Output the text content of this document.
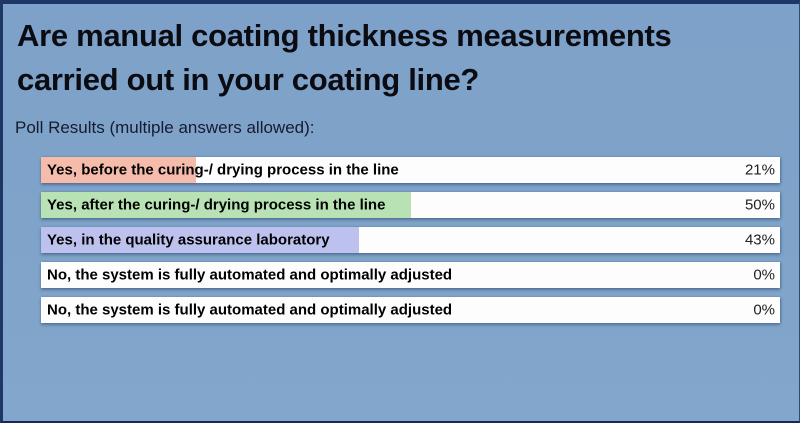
Are manual coating thickness measurements carried out in your coating line?
Poll Results (multiple answers allowed):
Yes, before the curing-/ drying process in the line	21%
Yes, after the curing-/ drying process in the line	50%
Yes, in the quality assurance laboratory	43%
No, the system is fully automated and optimally adjusted	0%
No, the system is fully automated and optimally adjusted	0%
